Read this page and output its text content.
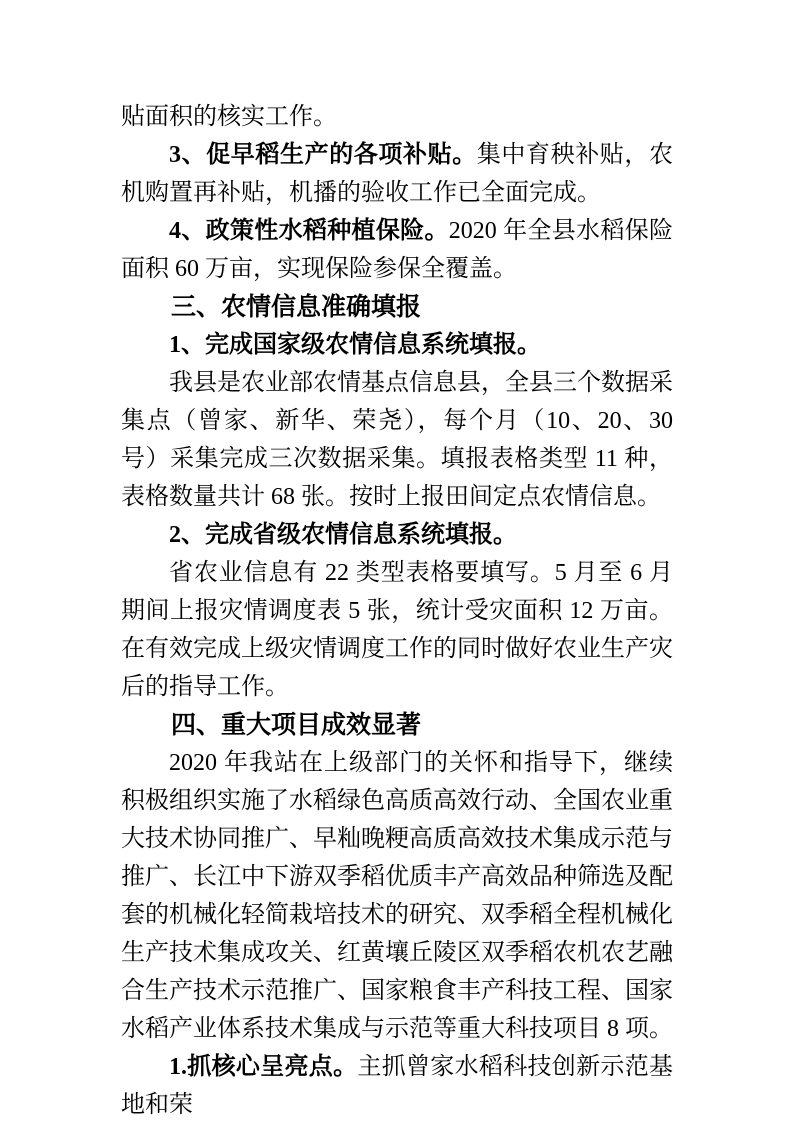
贴面积的核实工作。

3、促早稻生产的各项补贴。集中育秧补贴，农机购置再补贴，机播的验收工作已全面完成。

4、政策性水稻种植保险。2020 年全县水稻保险面积 60 万亩，实现保险参保全覆盖。

三、农情信息准确填报

1、完成国家级农情信息系统填报。

我县是农业部农情基点信息县，全县三个数据采集点（曾家、新华、荣尧），每个月（10、20、30 号）采集完成三次数据采集。填报表格类型 11 种，表格数量共计 68 张。按时上报田间定点农情信息。

2、完成省级农情信息系统填报。

省农业信息有 22 类型表格要填写。5 月至 6 月期间上报灾情调度表 5 张，统计受灾面积 12 万亩。在有效完成上级灾情调度工作的同时做好农业生产灾后的指导工作。

四、重大项目成效显著

2020 年我站在上级部门的关怀和指导下，继续积极组织实施了水稻绿色高质高效行动、全国农业重大技术协同推广、早籼晚粳高质高效技术集成示范与推广、长江中下游双季稻优质丰产高效品种筛选及配套的机械化轻简栽培技术的研究、双季稻全程机械化生产技术集成攻关、红黄壤丘陵区双季稻农机农艺融合生产技术示范推广、国家粮食丰产科技工程、国家水稻产业体系技术集成与示范等重大科技项目 8 项。

1.抓核心呈亮点。主抓曾家水稻科技创新示范基地和荣
